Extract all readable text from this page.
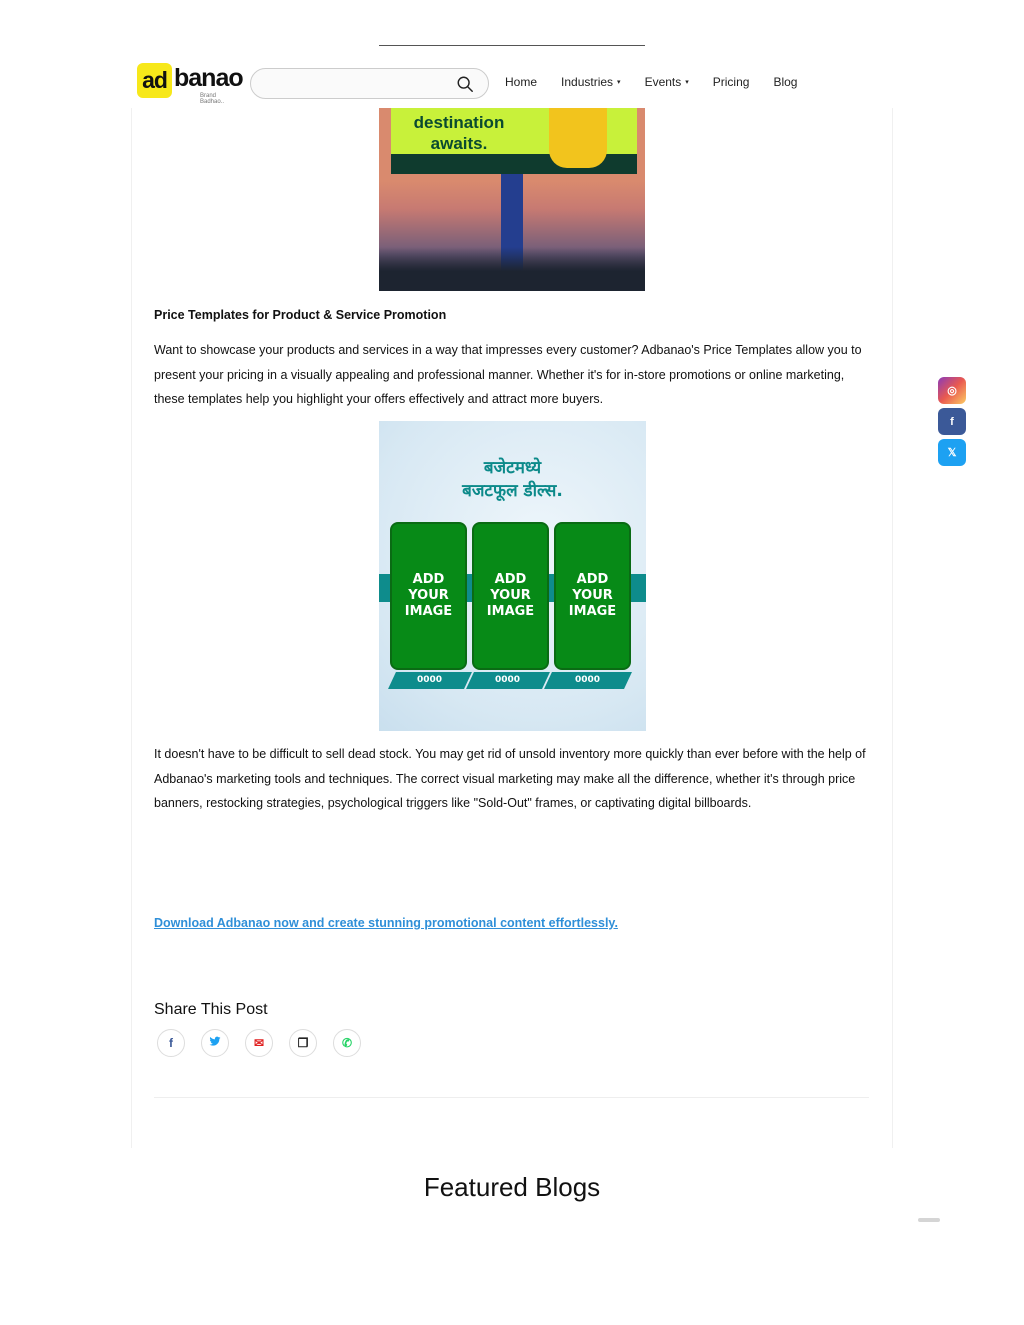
ad banao
Brand Badhao..
Home Industries ▾ Events ▾ Pricing Blog
destination
awaits.
Price Templates for Product & Service Promotion

Want to showcase your products and services in a way that impresses every customer? Adbanao's Price Templates allow you to present your pricing in a visually appealing and professional manner. Whether it's for in-store promotions or online marketing, these templates help you highlight your offers effectively and attract more buyers.

बजेटमध्ये
बजटफूल डील्स.
ADD
YOUR
IMAGE
ADD
YOUR
IMAGE
ADD
YOUR
IMAGE
0000	0000	0000

It doesn't have to be difficult to sell dead stock. You may get rid of unsold inventory more quickly than ever before with the help of Adbanao's marketing tools and techniques. The correct visual marketing may make all the difference, whether it's through price banners, restocking strategies, psychological triggers like "Sold-Out" frames, or captivating digital billboards.

Download Adbanao now and create stunning promotional content effortlessly.
Share This Post
f	✉	❐	✆
Featured Blogs
◎
f
𝕏
